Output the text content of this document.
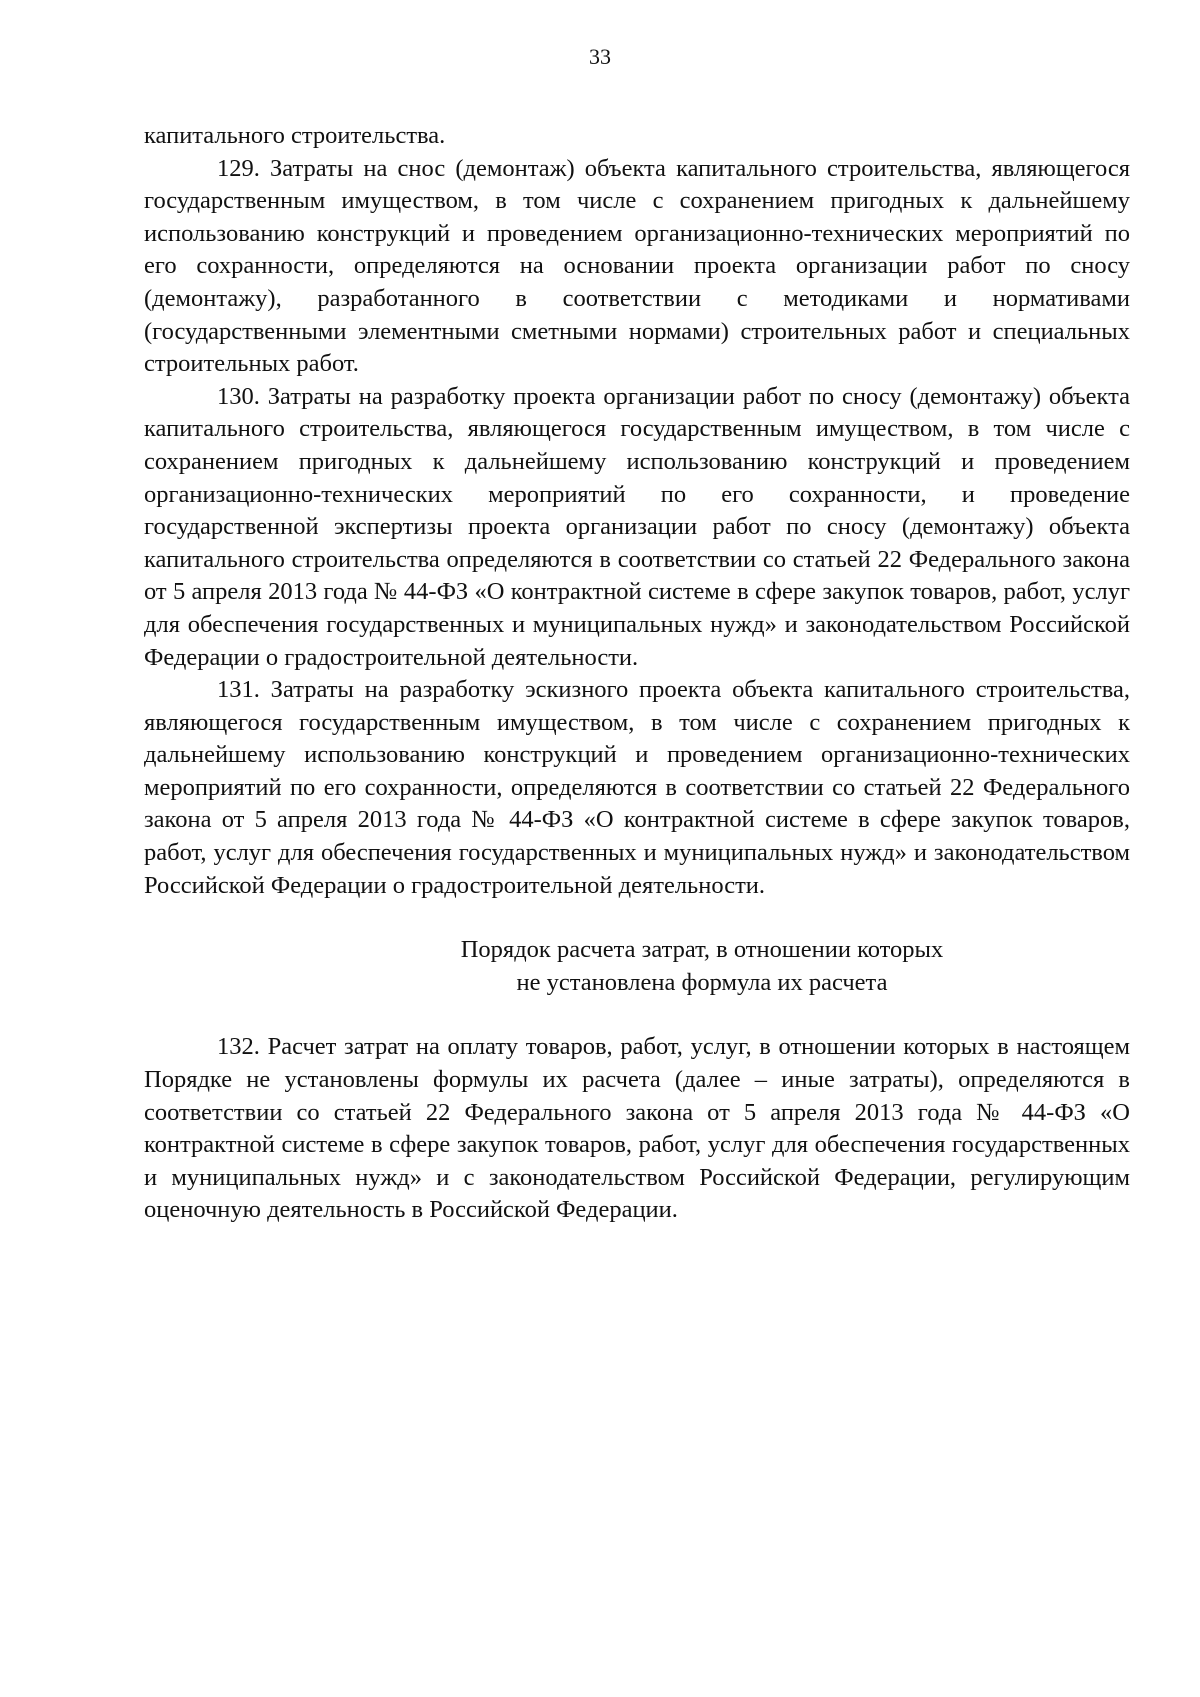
33

капитального строительства.

129. Затраты на снос (демонтаж) объекта капитального строительства, являющегося государственным имуществом, в том числе с сохранением пригодных к дальнейшему использованию конструкций и проведением организационно-технических мероприятий по его сохранности, определяются на основании проекта организации работ по сносу (демонтажу), разработанного в соответствии с методиками и нормативами (государственными элементными сметными нормами) строительных работ и специальных строительных работ.

130. Затраты на разработку проекта организации работ по сносу (демонтажу) объекта капитального строительства, являющегося государственным имуществом, в том числе с сохранением пригодных к дальнейшему использованию конструкций и проведением организационно-технических мероприятий по его сохранности, и проведение государственной экспертизы проекта организации работ по сносу (демонтажу) объекта капитального строительства определяются в соответствии со статьей 22 Федерального закона от 5 апреля 2013 года № 44-ФЗ «О контрактной системе в сфере закупок товаров, работ, услуг для обеспечения государственных и муниципальных нужд» и законодательством Российской Федерации о градостроительной деятельности.

131. Затраты на разработку эскизного проекта объекта капитального строительства, являющегося государственным имуществом, в том числе с сохранением пригодных к дальнейшему использованию конструкций и проведением организационно-технических мероприятий по его сохранности, определяются в соответствии со статьей 22 Федерального закона от 5 апреля 2013 года № 44-ФЗ «О контрактной системе в сфере закупок товаров, работ, услуг для обеспечения государственных и муниципальных нужд» и законодательством Российской Федерации о градостроительной деятельности.

Порядок расчета затрат, в отношении которых
не установлена формула их расчета

132. Расчет затрат на оплату товаров, работ, услуг, в отношении которых в настоящем Порядке не установлены формулы их расчета (далее – иные затраты), определяются в соответствии со статьей 22 Федерального закона от 5 апреля 2013 года № 44-ФЗ «О контрактной системе в сфере закупок товаров, работ, услуг для обеспечения государственных и муниципальных нужд» и с законодательством Российской Федерации, регулирующим оценочную деятельность в Российской Федерации.
